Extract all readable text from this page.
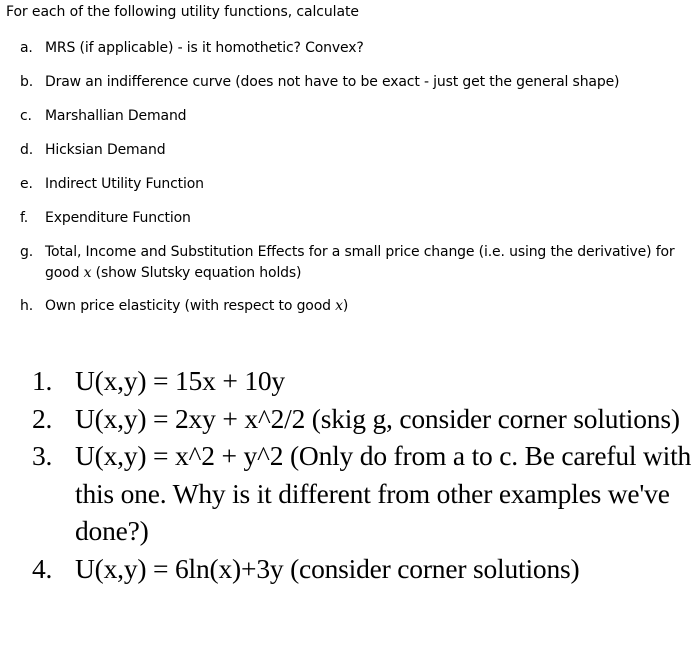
For each of the following utility functions, calculate
a. MRS (if applicable) - is it homothetic? Convex?
b. Draw an indifference curve (does not have to be exact - just get the general shape)
c. Marshallian Demand
d. Hicksian Demand
e. Indirect Utility Function
f. Expenditure Function
g. Total, Income and Substitution Effects for a small price change (i.e. using the derivative) for good x (show Slutsky equation holds)
h. Own price elasticity (with respect to good x)
1. U(x,y) = 15x + 10y
2. U(x,y) = 2xy + x^2/2 (skig g, consider corner solutions)
3. U(x,y) = x^2 + y^2 (Only do from a to c. Be careful with this one. Why is it different from other examples we've done?)
4. U(x,y) = 6ln(x)+3y (consider corner solutions)
